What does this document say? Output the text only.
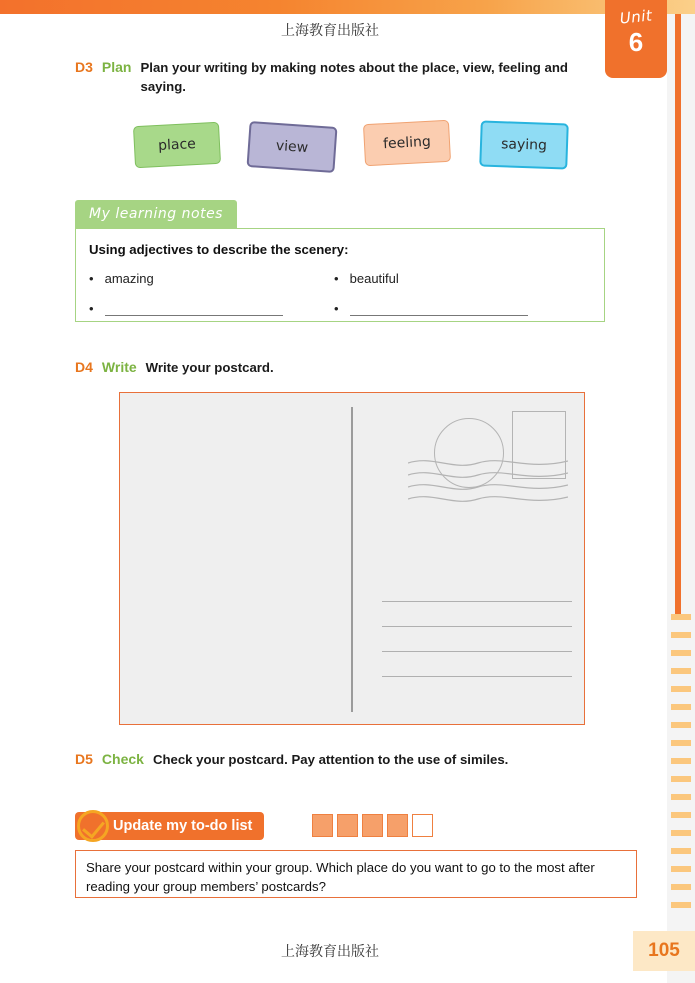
Unit
6
上海教育出版社
D3 Plan Plan your writing by making notes about the place, view, feeling and saying.
place	view	feeling	saying
My learning notes
Using adjectives to describe the scenery:
• amazing	• beautiful
•	•
D4 Write Write your postcard.
D5 Check Check your postcard. Pay attention to the use of similes.
Update my to-do list
Share your postcard within your group. Which place do you want to go to the most after reading your group members’ postcards?
上海教育出版社	105
